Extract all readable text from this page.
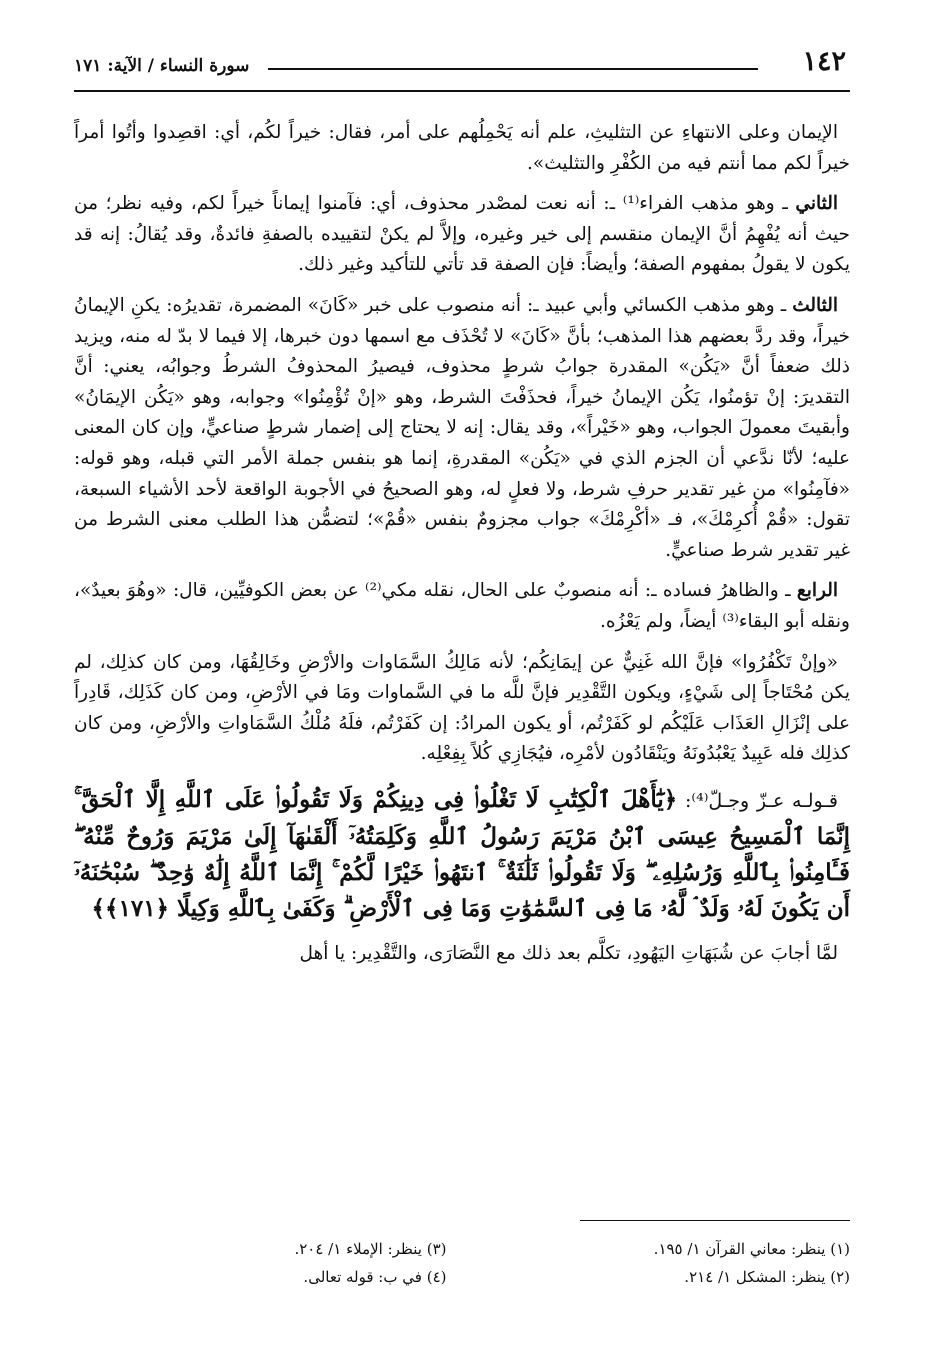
١٤٢
سورة النساء / الآية: ١٧١

الإيمان وعلى الانتهاءِ عن التثليثِ، علم أنه يَحْمِلُهم على أمر، فقال: خيراً لكُم، أي: اقصِدوا وأتُوا أمراً خيراً لكم مما أنتم فيه من الكُفْرِ والتثليث».

الثاني ـ وهو مذهب الفراء⁽¹⁾ ـ: أنه نعت لمصْدر محذوف، أي: فآمنوا إيماناً خيراً لكم، وفيه نظر؛ من حيث أنه يُفْهِمُ أنَّ الإيمان منقسم إلى خير وغيره، وإلاَّ لم يكنْ لتقييده بالصفةِ فائدةٌ، وقد يُقالُ: إنه قد يكون لا يقولُ بمفهوم الصفة؛ وأيضاً: فإن الصفة قد تأتي للتأكيد وغير ذلك.

الثالث ـ وهو مذهب الكسائي وأبي عبيد ـ: أنه منصوب على خبر «كَانَ» المضمرة، تقديرُه: يكنِ الإيمانُ خيراً، وقد ردَّ بعضهم هذا المذهب؛ بأنَّ «كَانَ» لا تُحْذَف مع اسمها دون خبرها، إلا فيما لا بدّ له منه، ويزيد ذلك ضعفاً أنَّ «يَكُن» المقدرة جوابُ شرطٍ محذوف، فيصيرُ المحذوفُ الشرطُ وجوابُه، يعني: أنَّ التقديرَ: إنْ تؤمنُوا، يَكُن الإيمانُ خيراً، فحذَفْتَ الشرط، وهو «إنْ تُؤْمِنُوا» وجوابه، وهو «يَكُن الإيمَانُ» وأبقيتَ معمولَ الجواب، وهو «خَيْراً»، وقد يقال: إنه لا يحتاج إلى إضمار شرطٍ صناعيٍّ، وإن كان المعنى عليه؛ لأنّا ندَّعي أن الجزم الذي في «يَكُن» المقدرةِ، إنما هو بنفس جملة الأمر التي قبله، وهو قوله: «فآمِنُوا» من غير تقدير حرفِ شرط، ولا فعلٍ له، وهو الصحيحُ في الأجوبة الواقعة لأحد الأشياء السبعة، تقول: «قُمْ أُكرِمْكَ»، فـ «أكْرِمْكَ» جواب مجزومٌ بنفس «قُمْ»؛ لتضمُّن هذا الطلب معنى الشرط من غير تقدير شرط صناعيٍّ.

الرابع ـ والظاهرُ فساده ـ: أنه منصوبٌ على الحال، نقله مكي⁽²⁾ عن بعض الكوفيِّين، قال: «وهُوَ بعيدٌ»، ونقله أبو البقاء⁽³⁾ أيضاً، ولم يَعْزُه.

«وإنْ تَكْفُرُوا» فإنَّ الله غَنِيٌّ عن إيمَانِكُم؛ لأنه مَالِكُ السَّمَاوات والأرْضِ وخَالِقُهَا، ومن كان كذلِك، لم يكن مُحْتَاجاً إلى شَيْءٍ، ويكون التَّقْدِير فإنَّ للَّه ما في السَّماوات ومَا في الأرْضِ، ومن كان كَذَلِك، قَادِراً على إنْزَالِ العَذَاب عَلَيْكُم لو كَفَرْتُم، أو يكون المرادُ: إن كَفَرْتُم، فلَهُ مُلْكُ السَّمَاواتِ والأرْضِ، ومن كان كذلِك فله عَبِيدٌ يَعْبُدُونَهُ ويَنْقَادُون لأمْرِه، فيُجَازِي كُلاً بِفِعْلِه.

قـولـه عـزّ وجـلّ⁽⁴⁾: ﴿يَٰٓأَهْلَ ٱلْكِتَٰبِ لَا تَغْلُوا۟ فِى دِينِكُمْ وَلَا تَقُولُوا۟ عَلَى ٱللَّهِ إِلَّا ٱلْحَقَّ ۚ إِنَّمَا ٱلْمَسِيحُ عِيسَى ٱبْنُ مَرْيَمَ رَسُولُ ٱللَّهِ وَكَلِمَتُهُۥٓ أَلْقَىٰهَآ إِلَىٰ مَرْيَمَ وَرُوحٌ مِّنْهُ ۖ فَـَٔامِنُوا۟ بِٱللَّهِ وَرُسُلِهِۦ ۖ وَلَا تَقُولُوا۟ ثَلَٰثَةٌ ۚ ٱنتَهُوا۟ خَيْرًا لَّكُمْ ۚ إِنَّمَا ٱللَّهُ إِلَٰهٌ وَٰحِدٌ ۖ سُبْحَٰنَهُۥٓ أَن يَكُونَ لَهُۥ وَلَدٌ ۘ لَّهُۥ مَا فِى ٱلسَّمَٰوَٰتِ وَمَا فِى ٱلْأَرْضِ ۗ وَكَفَىٰ بِٱللَّهِ وَكِيلًا ﴿١٧١﴾﴾

لمَّا أجابَ عن شُبَهَاتِ اليَهُودِ، تكلَّم بعد ذلك مع النَّصَارَى، والتَّقْدِير: يا أهل

(١) ينظر: معاني القرآن ١/ ١٩٥.
(٢) ينظر: المشكل ١/ ٢١٤.
(٣) ينظر: الإملاء ١/ ٢٠٤.
(٤) في ب: قوله تعالى.
